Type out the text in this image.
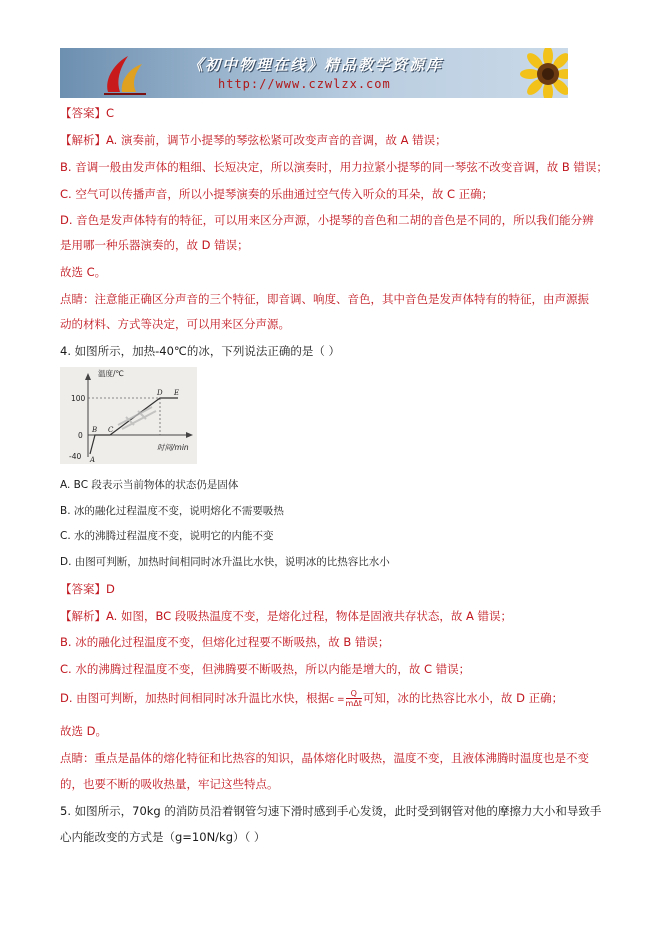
《初中物理在线》精品教学资源库
http://www.czwlzx.com
【答案】C
【解析】A. 演奏前，调节小提琴的琴弦松紧可改变声音的音调，故 A 错误；
B. 音调一般由发声体的粗细、长短决定，所以演奏时，用力拉紧小提琴的同一琴弦不改变音调，故 B 错误；
C. 空气可以传播声音，所以小提琴演奏的乐曲通过空气传入听众的耳朵，故 C 正确；
D. 音色是发声体特有的特征，可以用来区分声源，小提琴的音色和二胡的音色是不同的，所以我们能分辨
是用哪一种乐器演奏的，故 D 错误；
故选 C。
点睛：注意能正确区分声音的三个特征，即音调、响度、音色，其中音色是发声体特有的特征，由声源振
动的材料、方式等决定，可以用来区分声源。
4. 如图所示，加热-40℃的冰，下列说法正确的是（ ）
温度/℃
时间/min
100
0
-40 A
B C
D E
A. BC 段表示当前物体的状态仍是固体
B. 冰的融化过程温度不变，说明熔化不需要吸热
C. 水的沸腾过程温度不变，说明它的内能不变
D. 由图可判断，加热时间相同时冰升温比水快，说明冰的比热容比水小
【答案】D
【解析】A. 如图，BC 段吸热温度不变，是熔化过程，物体是固液共存状态，故 A 错误；
B. 冰的融化过程温度不变，但熔化过程要不断吸热，故 B 错误；
C. 水的沸腾过程温度不变，但沸腾要不断吸热，所以内能是增大的，故 C 错误；
D. 由图可判断，加热时间相同时冰升温比水快，根据$c = \frac{Q}{\text{mΔt}}$ 可知，冰的比热容比水小，故 D 正确；
故选 D。
点睛：重点是晶体的熔化特征和比热容的知识，晶体熔化时吸热，温度不变，且液体沸腾时温度也是不变
的，也要不断的吸收热量，牢记这些特点。
5. 如图所示，70kg 的消防员沿着钢管匀速下滑时感到手心发烫，此时受到钢管对他的摩擦力大小和导致手
心内能改变的方式是（g=10N/kg）（ ）
